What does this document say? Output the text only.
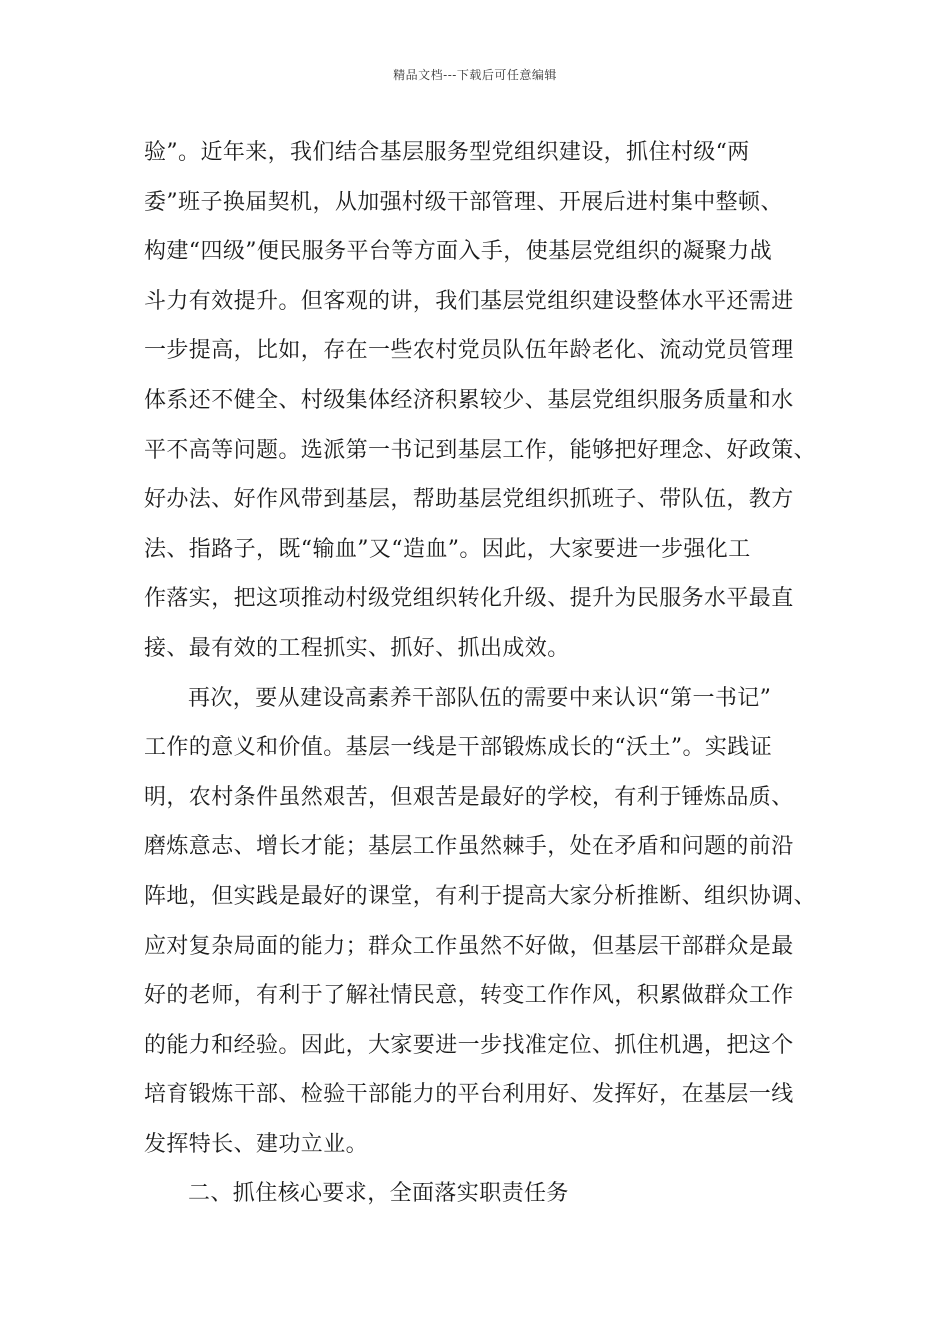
精品文档---下载后可任意编辑
验”。近年来，我们结合基层服务型党组织建设，抓住村级“两
委”班子换届契机，从加强村级干部管理、开展后进村集中整顿、
构建“四级”便民服务平台等方面入手，使基层党组织的凝聚力战
斗力有效提升。但客观的讲，我们基层党组织建设整体水平还需进
一步提高，比如，存在一些农村党员队伍年龄老化、流动党员管理
体系还不健全、村级集体经济积累较少、基层党组织服务质量和水
平不高等问题。选派第一书记到基层工作，能够把好理念、好政策、
好办法、好作风带到基层，帮助基层党组织抓班子、带队伍，教方
法、指路子，既“输血”又“造血”。因此，大家要进一步强化工
作落实，把这项推动村级党组织转化升级、提升为民服务水平最直
接、最有效的工程抓实、抓好、抓出成效。
再次，要从建设高素养干部队伍的需要中来认识“第一书记”
工作的意义和价值。基层一线是干部锻炼成长的“沃土”。实践证
明，农村条件虽然艰苦，但艰苦是最好的学校，有利于锤炼品质、
磨炼意志、增长才能；基层工作虽然棘手，处在矛盾和问题的前沿
阵地，但实践是最好的课堂，有利于提高大家分析推断、组织协调、
应对复杂局面的能力；群众工作虽然不好做，但基层干部群众是最
好的老师，有利于了解社情民意，转变工作作风，积累做群众工作
的能力和经验。因此，大家要进一步找准定位、抓住机遇，把这个
培育锻炼干部、检验干部能力的平台利用好、发挥好，在基层一线
发挥特长、建功立业。
二、抓住核心要求，全面落实职责任务
